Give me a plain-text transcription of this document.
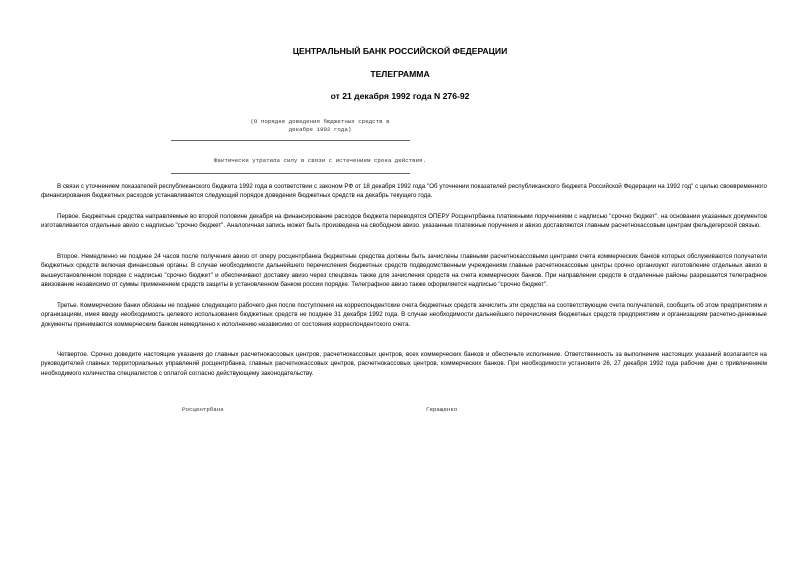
ЦЕНТРАЛЬНЫЙ БАНК РОССИЙСКОЙ ФЕДЕРАЦИИ
ТЕЛЕГРАММА
от 21 декабря 1992 года N 276-92
(О порядке доведения бюджетных средств в
декабре 1992 года)
Фактически утратила силу в связи с истечением срока действия.

В связи с уточнением показателей республиканского бюджета 1992 года в соответствии с законом РФ от 18 декабря 1992 года "Об уточнении показателей республиканского бюджета Российской Федерации на 1992 год" с целью своевременного финансирования бюджетных расходов устанавливается следующий порядок доведения бюджетных средств на декабрь текущего года.

Первое. Бюджетные средства направляемые во второй половине декабря на финансирование расходов бюджета переводятся ОПЕРУ Росцентрбанка платежными поручениями с надписью "срочно бюджет". на основании указанных документов изготавливается отдельные авизо с надписью "срочно бюджет". Аналогичная запись может быть произведена на свободном авизо. указанные платежные поручения и авизо доставляются главным расчетнокассовым центрам фельдегерской связью.

Второе. Немедленно не позднее 24 часов после получения авизо от оперу росцентрбанка бюджетные средства должны быть зачислены главными расчетнокассовыми центрами счета коммерческих банков которых обслуживаются получатели бюджетных средств включая финансовые органы. В случае необходимости дальнейшего перечисления бюджетных средств подведомственным учреждениям главные расчетнокассовые центры срочно организуют изготовление отдельных авизо в вышеустановленном порядке с надписью "срочно бюджет" и обеспечивают доставку авизо через спецсвязь также для зачисления средств на счета коммерческих банков. При направлении средств в отдаленные районы разрешается телеграфное авизование независимо от суммы применением средств защиты в установленном банком россии порядке. Телеграфное авизо также оформляется надписью "срочно бюджет".

Третье. Коммерческие банки обязаны не позднее следующего рабочего дня после поступления на корреспондентские счета бюджетных средств зачислить эти средства на соответствующие счета получателей, сообщить об этом предприятиям и организациям, имея ввиду необходимость целевого использования бюджетных средств не позднее 31 декабря 1992 года. В случае необходимости дальнейшего перечисления бюджетных средств предприятиям и организациям расчетно-денежные документы принимаются коммерческим банком немедленно к исполнению независимо от состояния корреспондентского счета.

Четвертое. Срочно доведите настоящие указания до главных расчетнокассовых центров, расчетнокассовых центров, всех коммерческих банков и обеспечьте исполнение. Ответственность за выполнение настоящих указаний возлагается на руководителей главных территориальных управлений росцентрбанка, главных расчетнокассовых центров, расчетнокассовых центров, коммерческих банков. При необходимости установите 26, 27 декабря 1992 года рабочие дни с привлечением необходимого количества специалистов с оплатой согласно действующему законодательству.

Росцентрбанк	Геращенко
